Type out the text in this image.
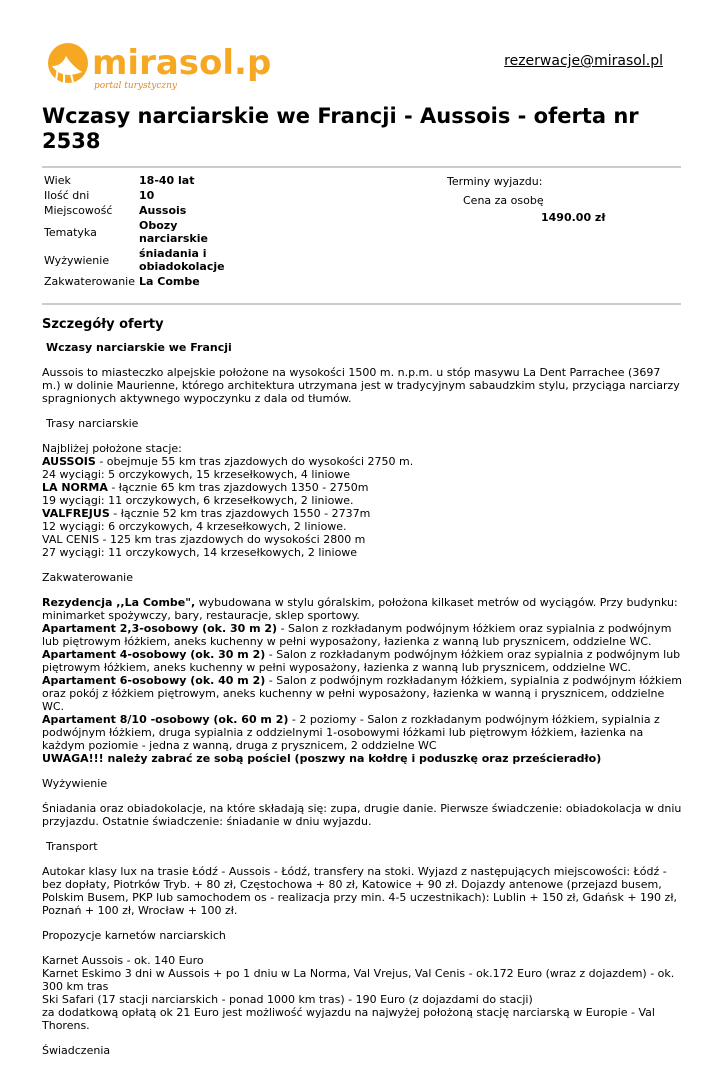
mirasol.pl
portal turystyczny
rezerwacje@mirasol.pl
Wczasy narciarskie we Francji - Aussois - oferta nr 2538
Wiek	18-40 lat
Ilość dni	10
Miejscowość	Aussois
Tematyka	Obozy narciarskie
Wyżywienie	śniadania i obiadokolacje
Zakwaterowanie	La Combe
Terminy wyjazdu:
Cena za osobę
1490.00 zł
Szczegóły oferty

Wczasy narciarskie we Francji

Aussois to miasteczko alpejskie położone na wysokości 1500 m. n.p.m. u stóp masywu La Dent Parrachee (3697 m.) w dolinie Maurienne, którego architektura utrzymana jest w tradycyjnym sabaudzkim stylu, przyciąga narciarzy spragnionych aktywnego wypoczynku z dala od tłumów.

Trasy narciarskie

Najbliżej położone stacje:
AUSSOIS - obejmuje 55 km tras zjazdowych do wysokości 2750 m.
24 wyciągi: 5 orczykowych, 15 krzesełkowych, 4 liniowe
LA NORMA - łącznie 65 km tras zjazdowych 1350 - 2750m
19 wyciągi: 11 orczykowych, 6 krzesełkowych, 2 liniowe.
VALFREJUS - łącznie 52 km tras zjazdowych 1550 - 2737m
12 wyciągi: 6 orczykowych, 4 krzesełkowych, 2 liniowe.
VAL CENIS - 125 km tras zjazdowych do wysokości 2800 m
27 wyciągi: 11 orczykowych, 14 krzesełkowych, 2 liniowe

Zakwaterowanie

Rezydencja ,,La Combe", wybudowana w stylu góralskim, położona kilkaset metrów od wyciągów. Przy budynku: minimarket spożywczy, bary, restauracje, sklep sportowy.
Apartament 2,3-osobowy (ok. 30 m 2) - Salon z rozkładanym podwójnym łóżkiem oraz sypialnia z podwójnym lub piętrowym łóżkiem, aneks kuchenny w pełni wyposażony, łazienka z wanną lub prysznicem, oddzielne WC.
Apartament 4-osobowy (ok. 30 m 2) - Salon z rozkładanym podwójnym łóżkiem oraz sypialnia z podwójnym lub piętrowym łóżkiem, aneks kuchenny w pełni wyposażony, łazienka z wanną lub prysznicem, oddzielne WC.
Apartament 6-osobowy (ok. 40 m 2) - Salon z podwójnym rozkładanym łóżkiem, sypialnia z podwójnym łóżkiem oraz pokój z łóżkiem piętrowym, aneks kuchenny w pełni wyposażony, łazienka w wanną i prysznicem, oddzielne WC.
Apartament 8/10 -osobowy (ok. 60 m 2) - 2 poziomy - Salon z rozkładanym podwójnym łóżkiem, sypialnia z podwójnym łóżkiem, druga sypialnia z oddzielnymi 1-osobowymi łóżkami lub piętrowym łóżkiem, łazienka na każdym poziomie - jedna z wanną, druga z prysznicem, 2 oddzielne WC
UWAGA!!! należy zabrać ze sobą pościel (poszwy na kołdrę i poduszkę oraz prześcieradło)

Wyżywienie

Śniadania oraz obiadokolacje, na które składają się: zupa, drugie danie. Pierwsze świadczenie: obiadokolacja w dniu przyjazdu. Ostatnie świadczenie: śniadanie w dniu wyjazdu.

Transport

Autokar klasy lux na trasie Łódź - Aussois - Łódź, transfery na stoki. Wyjazd z następujących miejscowości: Łódź - bez dopłaty, Piotrków Tryb. + 80 zł, Częstochowa + 80 zł, Katowice + 90 zł. Dojazdy antenowe (przejazd busem, Polskim Busem, PKP lub samochodem os - realizacja przy min. 4-5 uczestnikach): Lublin + 150 zł, Gdańsk + 190 zł, Poznań + 100 zł, Wrocław + 100 zł.

Propozycje karnetów narciarskich

Karnet Aussois - ok. 140 Euro
Karnet Eskimo 3 dni w Aussois + po 1 dniu w La Norma, Val Vrejus, Val Cenis - ok.172 Euro (wraz z dojazdem) - ok. 300 km tras
Ski Safari (17 stacji narciarskich - ponad 1000 km tras) - 190 Euro (z dojazdami do stacji)
za dodatkową opłatą ok 21 Euro jest możliwość wyjazdu na najwyżej położoną stację narciarską w Europie - Val Thorens.

Świadczenia
